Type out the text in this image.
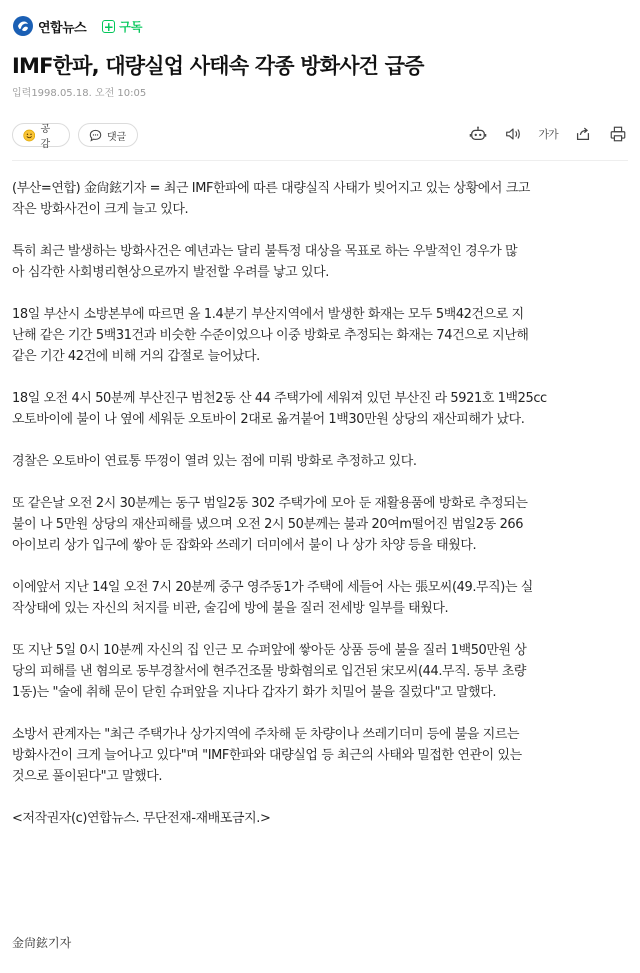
연합뉴스 + 구독
IMF한파, 대량실업 사태속 각종 방화사건 급증
입력1998.05.18. 오전 10:05
공감
댓글	가가
(부산=연합) 金尙鉉기자 = 최근 IMF한파에 따른 대량실직 사태가 빚어지고 있는 상황에서 크고
작은 방화사건이 크게 늘고 있다.
특히 최근 발생하는 방화사건은 예년과는 달리 불특정 대상을 목표로 하는 우발적인 경우가 많
아 심각한 사회병리현상으로까지 발전할 우려를 낳고 있다.
18일 부산시 소방본부에 따르면 올 1.4분기 부산지역에서 발생한 화재는 모두 5백42건으로 지
난해 같은 기간 5백31건과 비슷한 수준이었으나 이중 방화로 추정되는 화재는 74건으로 지난해
같은 기간 42건에 비해 거의 갑절로 늘어났다.
18일 오전 4시 50분께 부산진구 범천2동 산 44 주택가에 세워져 있던 부산진 라 5921호 1백25cc
오토바이에 불이 나 옆에 세워둔 오토바이 2대로 옮겨붙어 1백30만원 상당의 재산피해가 났다.
경찰은 오토바이 연료통 뚜껑이 열려 있는 점에 미뤄 방화로 추정하고 있다.
또 같은날 오전 2시 30분께는 동구 범일2동 302 주택가에 모아 둔 재활용품에 방화로 추정되는
불이 나 5만원 상당의 재산피해를 냈으며 오전 2시 50분께는 불과 20여m떨어진 범일2동 266
아이보리 상가 입구에 쌓아 둔 잡화와 쓰레기 더미에서 불이 나 상가 차양 등을 태웠다.
이에앞서 지난 14일 오전 7시 20분께 중구 영주동1가 주택에 세들어 사는 張모씨(49.무직)는 실
작상태에 있는 자신의 처지를 비관, 술김에 방에 불을 질러 전세방 일부를 태웠다.
또 지난 5일 0시 10분께 자신의 집 인근 모 슈퍼앞에 쌓아둔 상품 등에 불을 질러 1백50만원 상
당의 피해를 낸 혐의로 동부경찰서에 현주건조물 방화혐의로 입건된 宋모씨(44.무직. 동부 초량
1동)는 "술에 취해 문이 닫힌 슈퍼앞을 지나다 갑자기 화가 치밀어 불을 질렀다"고 말했다.
소방서 관계자는 "최근 주택가나 상가지역에 주차해 둔 차량이나 쓰레기더미 등에 불을 지르는
방화사건이 크게 늘어나고 있다"며 "IMF한파와 대량실업 등 최근의 사태와 밀접한 연관이 있는
것으로 풀이된다"고 말했다.
<저작권자(c)연합뉴스. 무단전재-재배포금지.>
金尙鉉기자
